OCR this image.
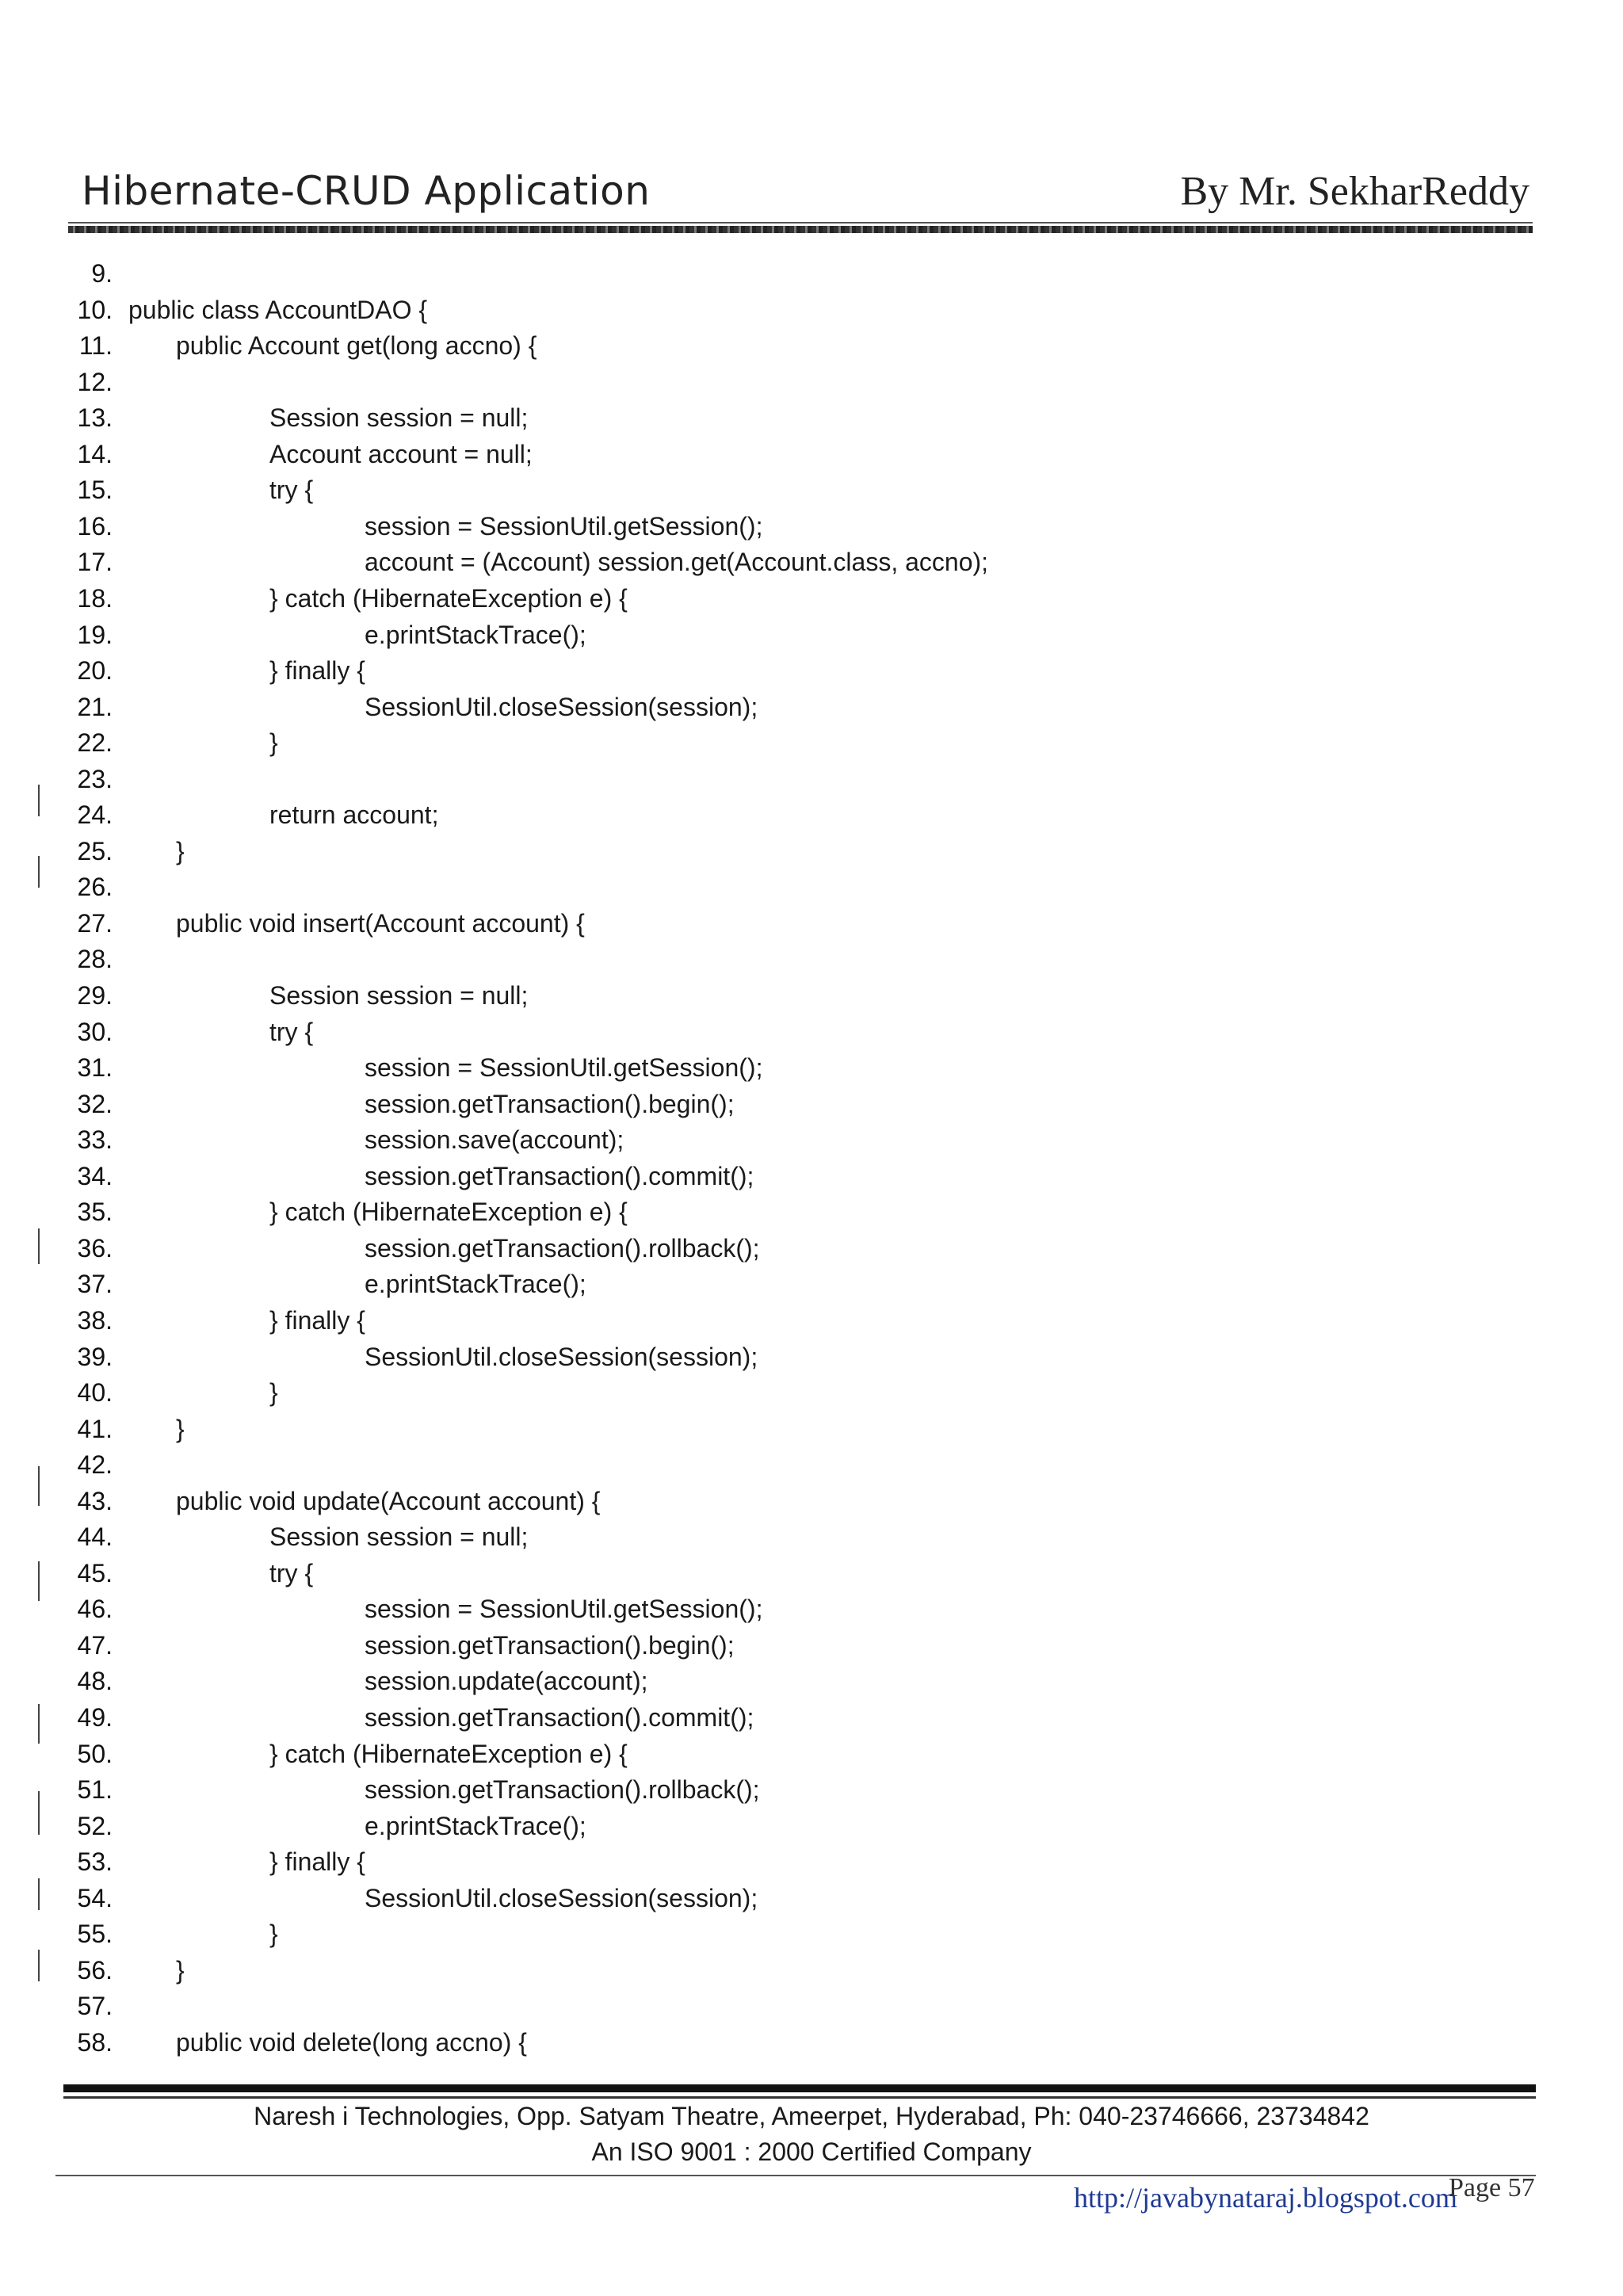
Hibernate-CRUD Application	By Mr. SekharReddy
9.
10. public class AccountDAO {
11.	public Account get(long accno) {
12.
13.	Session session = null;
14.	Account account = null;
15.	try {
16.	session = SessionUtil.getSession();
17.	account = (Account) session.get(Account.class, accno);
18.	} catch (HibernateException e) {
19.	e.printStackTrace();
20.	} finally {
21.	SessionUtil.closeSession(session);
22.	}
23.
24.	return account;
25.	}
26.
27.	public void insert(Account account) {
28.
29.	Session session = null;
30.	try {
31.	session = SessionUtil.getSession();
32.	session.getTransaction().begin();
33.	session.save(account);
34.	session.getTransaction().commit();
35.	} catch (HibernateException e) {
36.	session.getTransaction().rollback();
37.	e.printStackTrace();
38.	} finally {
39.	SessionUtil.closeSession(session);
40.	}
41.	}
42.
43.	public void update(Account account) {
44.	Session session = null;
45.	try {
46.	session = SessionUtil.getSession();
47.	session.getTransaction().begin();
48.	session.update(account);
49.	session.getTransaction().commit();
50.	} catch (HibernateException e) {
51.	session.getTransaction().rollback();
52.	e.printStackTrace();
53.	} finally {
54.	SessionUtil.closeSession(session);
55.	}
56.	}
57.
58.	public void delete(long accno) {
Naresh i Technologies, Opp. Satyam Theatre, Ameerpet, Hyderabad, Ph: 040-23746666, 23734842
An ISO 9001 : 2000 Certified Company
http://javabynataraj.blogspot.com
Page 57
